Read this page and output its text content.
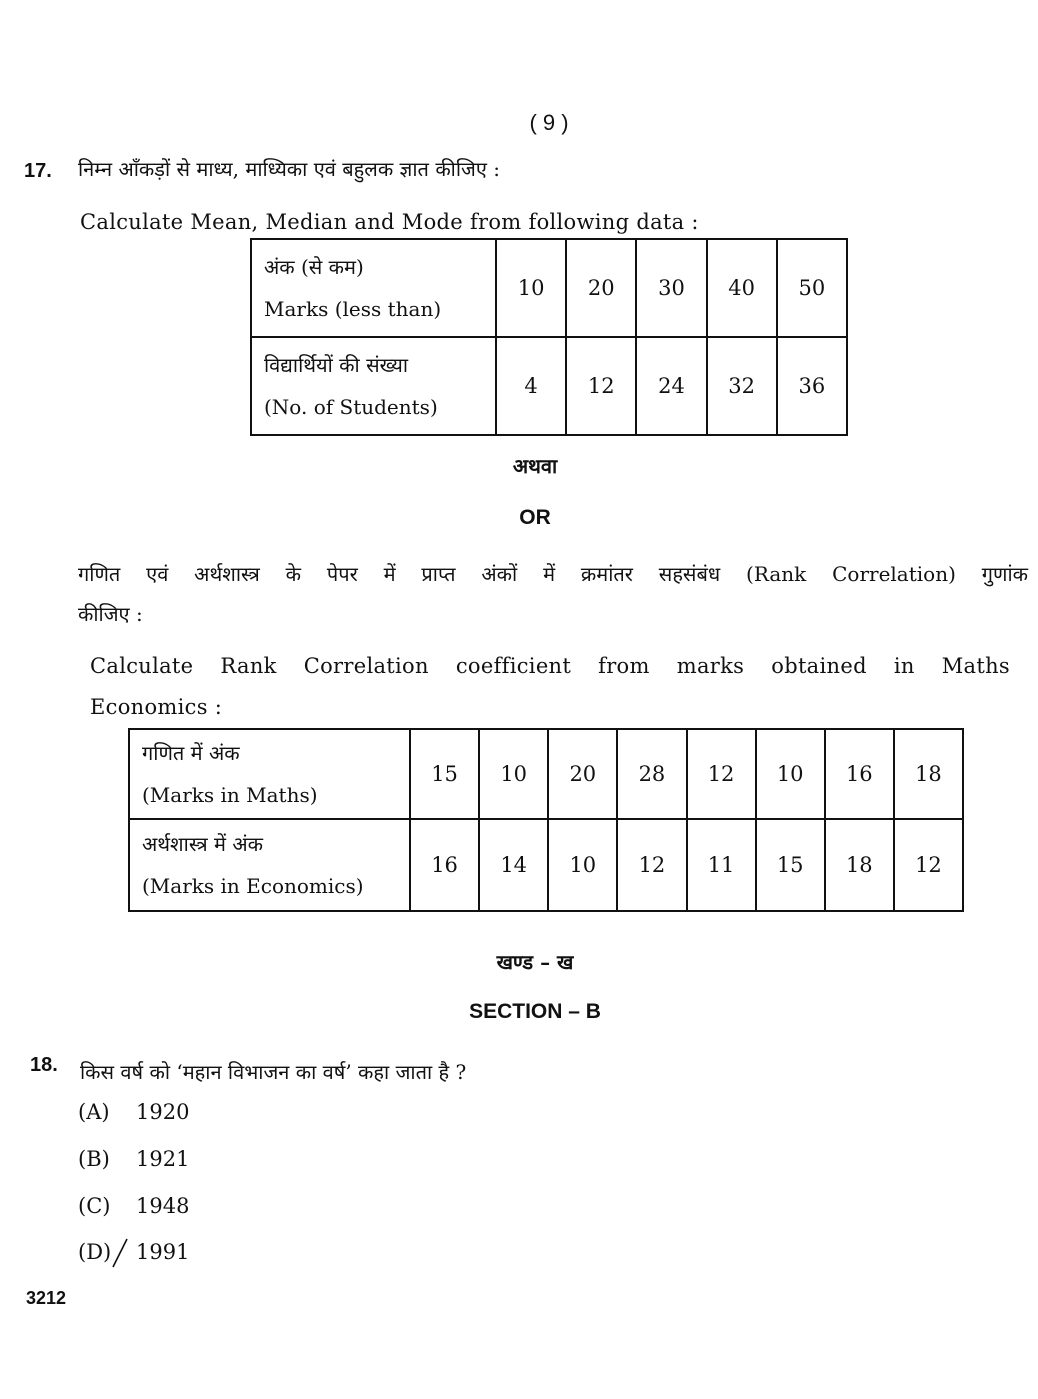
( 9 )
17. निम्न आँकड़ों से माध्य, माध्यिका एवं बहुलक ज्ञात कीजिए :
Calculate Mean, Median and Mode from following data :
अंक (से कम)
Marks (less than)	10	20	30	40	50

विद्यार्थियों की संख्या
(No. of Students)	4	12	24	32	36
अथवा
OR
गणित एवं अर्थशास्त्र के पेपर में प्राप्त अंकों में क्रमांतर सहसंबंध (Rank Correlation) गुणांक
कीजिए :
Calculate Rank Correlation coefficient from marks obtained in Maths
Economics :
गणित में अंक
(Marks in Maths)	15	10	20	28	12	10	16	18

अर्थशास्त्र में अंक
(Marks in Economics)	16	14	10	12	11	15	18	12
खण्ड – ख
SECTION – B
18. किस वर्ष को ‘महान विभाजन का वर्ष’ कहा जाता है ?
(A) 1920
(B) 1921
(C) 1948
(D) 1991
3212
